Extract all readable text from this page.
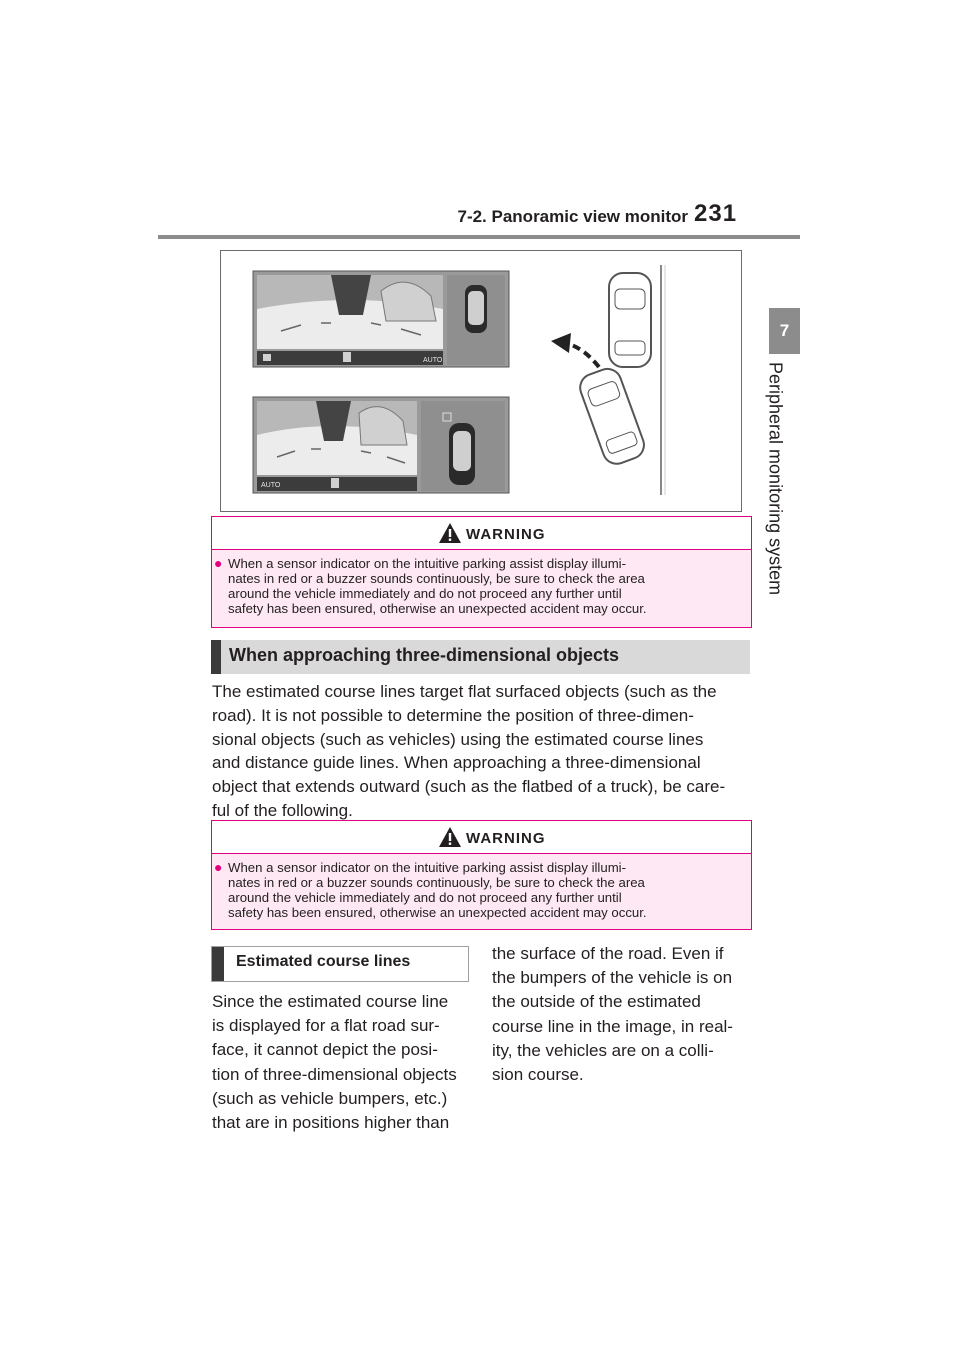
7-2. Panoramic view monitor 231
7
Peripheral monitoring system
AUTO
AUTO
WARNING
● When a sensor indicator on the intuitive parking assist display illumi-
nates in red or a buzzer sounds continuously, be sure to check the area
around the vehicle immediately and do not proceed any further until
safety has been ensured, otherwise an unexpected accident may occur.
When approaching three-dimensional objects
The estimated course lines target flat surfaced objects (such as the
road). It is not possible to determine the position of three-dimen-
sional objects (such as vehicles) using the estimated course lines
and distance guide lines. When approaching a three-dimensional
object that extends outward (such as the flatbed of a truck), be care-
ful of the following.
WARNING
● When a sensor indicator on the intuitive parking assist display illumi-
nates in red or a buzzer sounds continuously, be sure to check the area
around the vehicle immediately and do not proceed any further until
safety has been ensured, otherwise an unexpected accident may occur.
Estimated course lines
Since the estimated course line
is displayed for a flat road sur-
face, it cannot depict the posi-
tion of three-dimensional objects
(such as vehicle bumpers, etc.)
that are in positions higher than
the surface of the road. Even if
the bumpers of the vehicle is on
the outside of the estimated
course line in the image, in real-
ity, the vehicles are on a colli-
sion course.
